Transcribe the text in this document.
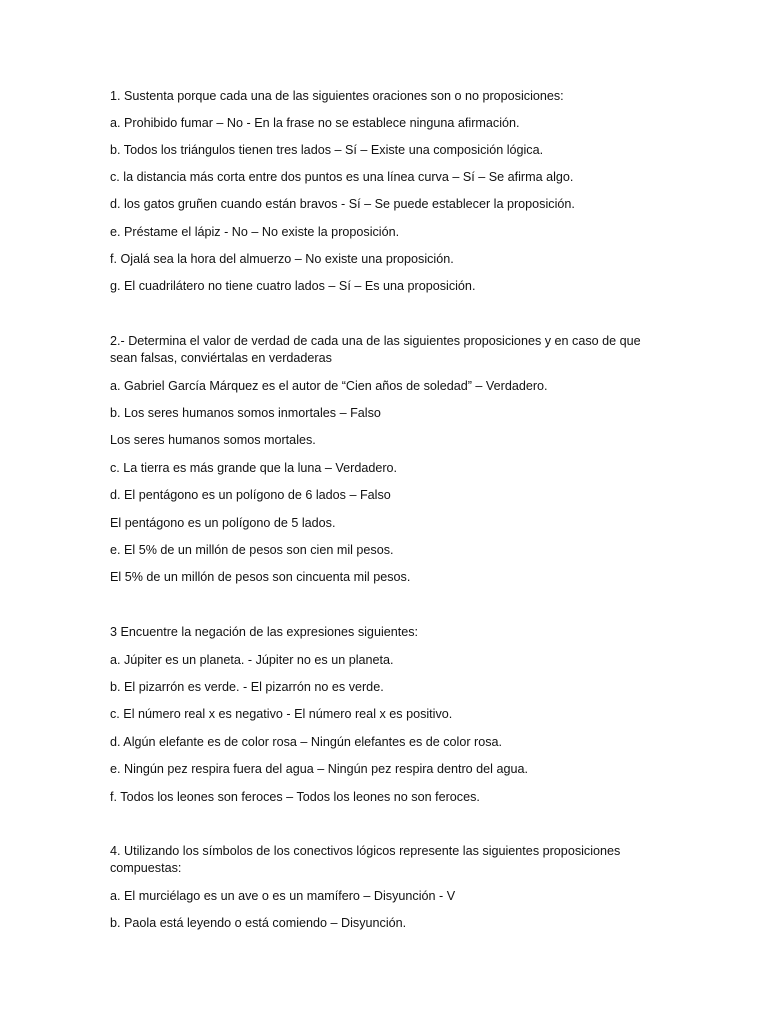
1. Sustenta porque cada una de las siguientes oraciones son o no proposiciones:
a. Prohibido fumar – No - En la frase no se establece ninguna afirmación.
b. Todos los triángulos tienen tres lados – Sí – Existe una composición lógica.
c. la distancia más corta entre dos puntos es una línea curva – Sí – Se afirma algo.
d. los gatos gruñen cuando están bravos - Sí – Se puede establecer la proposición.
e. Préstame el lápiz - No – No existe la proposición.
f. Ojalá sea la hora del almuerzo – No existe una proposición.
g. El cuadrilátero no tiene cuatro lados – Sí – Es una proposición.
2.- Determina el valor de verdad de cada una de las siguientes proposiciones y en caso de que
sean falsas, conviértalas en verdaderas
a. Gabriel García Márquez es el autor de “Cien años de soledad” – Verdadero.
b. Los seres humanos somos inmortales – Falso
Los seres humanos somos mortales.
c. La tierra es más grande que la luna – Verdadero.
d. El pentágono es un polígono de 6 lados – Falso
El pentágono es un polígono de 5 lados.
e. El 5% de un millón de pesos son cien mil pesos.
El 5% de un millón de pesos son cincuenta mil pesos.
3 Encuentre la negación de las expresiones siguientes:
a. Júpiter es un planeta. - Júpiter no es un planeta.
b. El pizarrón es verde. - El pizarrón no es verde.
c. El número real x es negativo - El número real x es positivo.
d. Algún elefante es de color rosa – Ningún elefantes es de color rosa.
e. Ningún pez respira fuera del agua – Ningún pez respira dentro del agua.
f. Todos los leones son feroces – Todos los leones no son feroces.
4. Utilizando los símbolos de los conectivos lógicos represente las siguientes proposiciones
compuestas:
a. El murciélago es un ave o es un mamífero – Disyunción - V
b. Paola está leyendo o está comiendo – Disyunción.
